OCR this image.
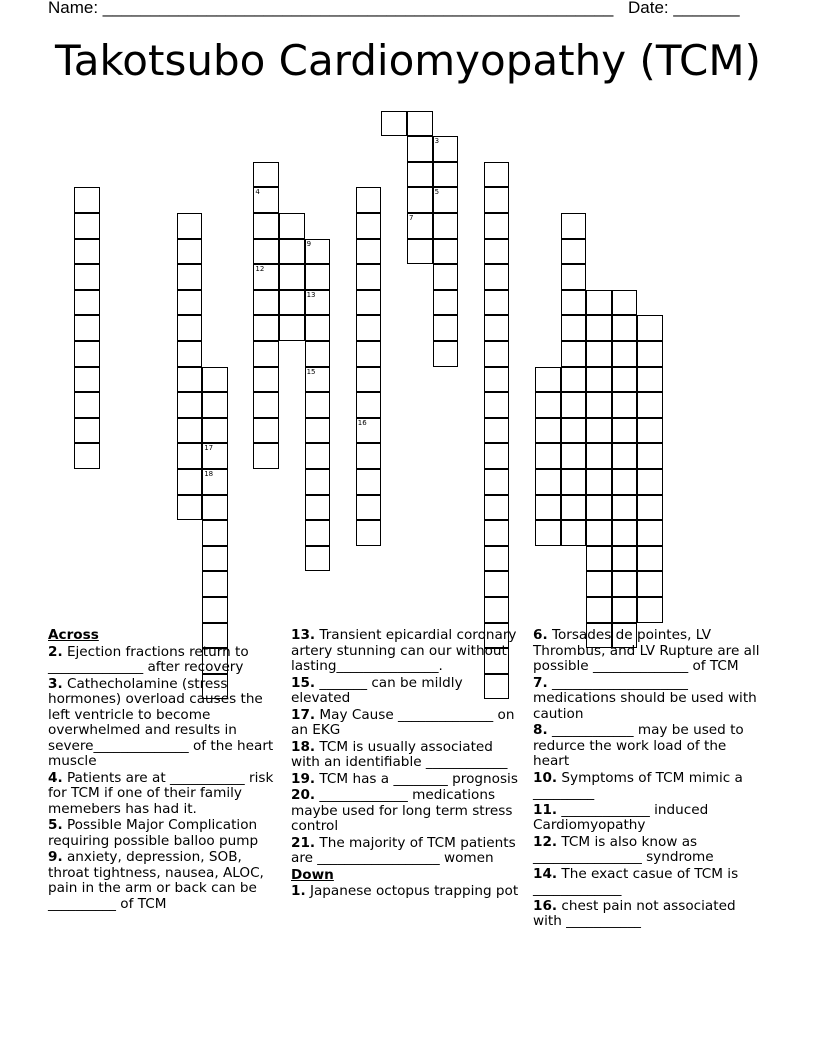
Name: ______________________________________________________ Date: _______
Takotsubo Cardiomyopathy (TCM)
7
3
5
4
12
16
9
13
15
17
18
Across
2. Ejection fractions return to ______________ after recovery
3. Cathecholamine (stress hormones) overload causes the left ventricle to become overwhelmed and results in severe______________ of the heart muscle
4. Patients are at ___________ risk for TCM if one of their family memebers has had it.
5. Possible Major Complication requiring possible balloo pump
9. anxiety, depression, SOB, throat tightness, nausea, ALOC, pain in the arm or back can be __________ of TCM
13. Transient epicardial coronary artery stunning can our without lasting_______________.
15. _______ can be mildly elevated
17. May Cause ______________ on an EKG
18. TCM is usually associated with an identifiable ____________
19. TCM has a ________ prognosis
20. _____________ medications maybe used for long term stress control
21. The majority of TCM patients are __________________ women
Down
1. Japanese octopus trapping pot
6. Torsades de pointes, LV Thrombus, and LV Rupture are all possible ______________ of TCM
7. ____________________ medications should be used with caution
8. ____________ may be used to redurce the work load of the heart
10. Symptoms of TCM mimic a _________
11. _____________ induced Cardiomyopathy
12. TCM is also know as ________________ syndrome
14. The exact casue of TCM is _____________
16. chest pain not associated with ___________
